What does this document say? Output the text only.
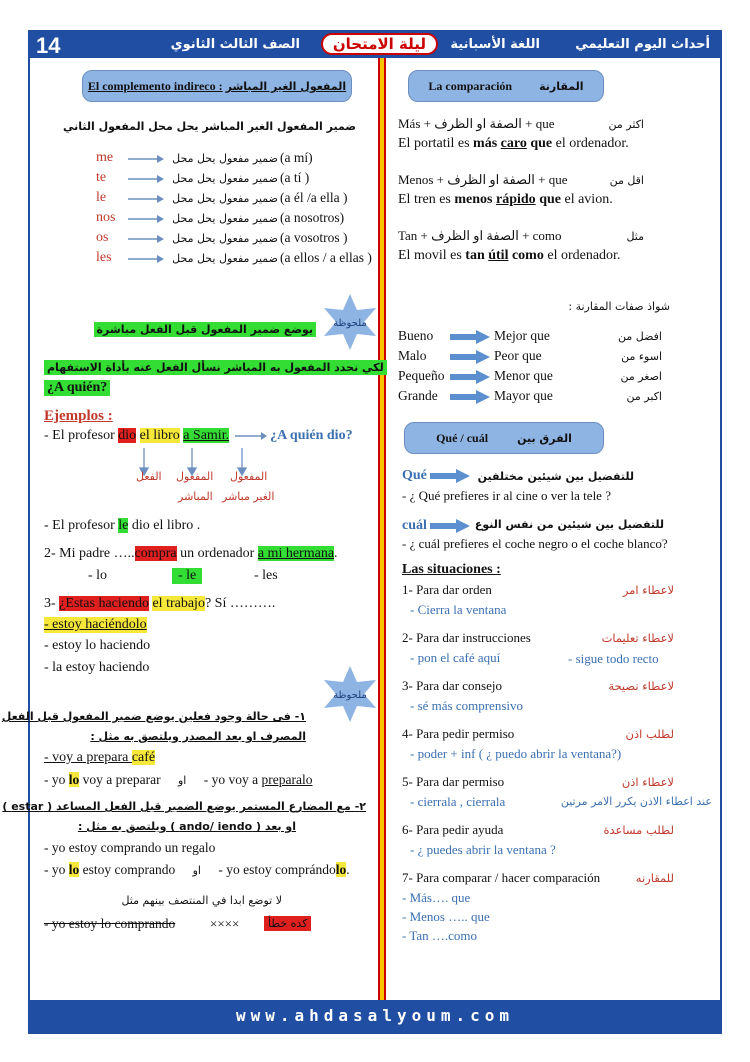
14	أحداث اليوم التعليمي
اللغة الأسبانية
ليلة الامتحان
الصف الثالث الثانوي
El complemento indireco : المفعول الغير المباشر
ضمير المفعول الغير المباشر يحل محل المفعول الثاني
me	ضمير مفعول يحل محل (a mí)
te	ضمير مفعول يحل محل (a tí )
le	ضمير مفعول يحل محل (a él /a ella )
nos	ضمير مفعول يحل محل (a nosotros)
os	ضمير مفعول يحل محل (a vosotros )
les	ضمير مفعول يحل محل (a ellos / a ellas )
ملحوظة
يوضع ضمير المفعول قبل الفعل مباشرة
لكي نحدد المفعول به المباشر نسأل الفعل عنه بأداة الاستفهام
¿A quién?
Ejemplos :
- El profesor dio el libro a Samir.	¿A quién dio?
الفعل المفعول
المباشر
المفعول
الغير مباشر
- El profesor le dio el libro .
2- Mi padre …..compra un ordenador a mi hermana.
- lo	- le	- les
3- ¿Estas haciendo el trabajo? Sí ……….
- estoy haciéndolo
- estoy lo haciendo
- la estoy haciendo
ملحوظة
١- فى حالة وجود فعلين يوضع ضمير المفعول قبل الفعل
المصرف او بعد المصدر ويلتصق به مثل :
- voy a prepara café
- yo lo voy a preparar او - yo voy a preparalo
٢- مع المضارع المستمر يوضع الضمير قبل الفعل المساعد ( estar )
او بعد ( ando/ iendo ) ويلتصق به مثل :
- yo estoy comprando un regalo
- yo lo estoy comprando او - yo estoy comprándolo.
لا توضع ابدا في المنتصف بينهم مثل
- yo estoy lo comprando	××××	كده خطأ
La comparación المقارنة
Más + الصفة او الظرف + que	اكثر من
El portatil es más caro que el ordenador.
Menos + الصفة او الظرف + que	اقل من
El tren es menos rápido que el avion.
Tan + الصفة او الظرف + como	مثل
El movil es tan útil como el ordenador.
شواذ صفات المقارنة :
Bueno	Mejor que	افضل من
Malo	Peor que	اسوء من
Pequeño	Menor que	اصغر من
Grande	Mayor que	اكبر من
Qué / cuál	الفرق بين
Qué	للتفضيل بين شيئين مختلفين
- ¿ Qué prefieres ir al cine o ver la tele ?
cuál	للتفضيل بين شيئين من نفس النوع
- ¿ cuál prefieres el coche negro o el coche blanco?
Las situaciones :
1- Para dar orden	لاعطاء امر
- Cierra la ventana
2- Para dar instrucciones	لاعطاء تعليمات
- pon el café aquí	- sigue todo recto
3- Para dar consejo	لاعطاء نصيحة
- sé más comprensivo
4- Para pedir permiso	لطلب اذن
- poder + inf ( ¿ puedo abrir la ventana?)
5- Para dar permiso	لاعطاء اذن
- cierrala , cierrala	عند اعطاء الاذن يكرر الامر مرتين
6- Para pedir ayuda	لطلب مساعدة
- ¿ puedes abrir la ventana ?
7- Para comparar / hacer comparación	للمقارنه
- Más…. que
- Menos ….. que
- Tan ….como
www.ahdasalyoum.com
